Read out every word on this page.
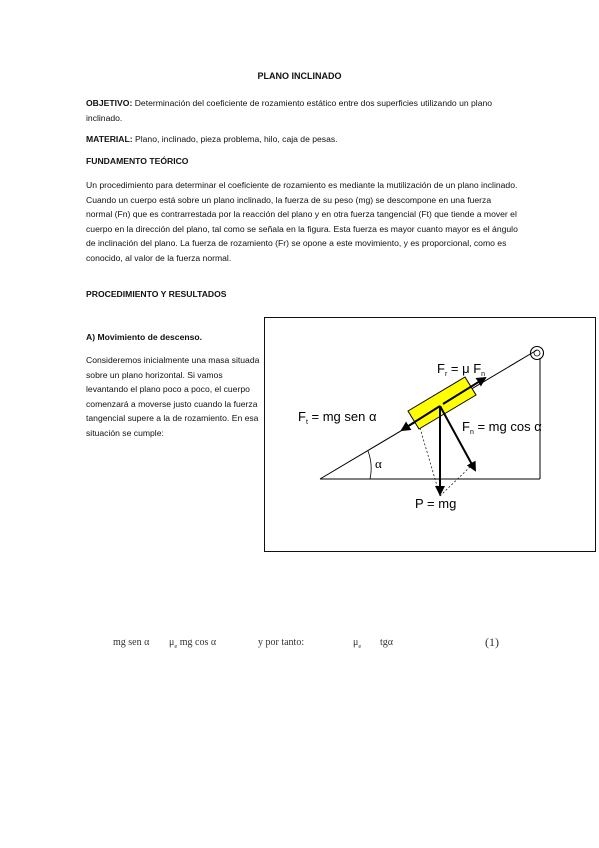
PLANO INCLINADO
OBJETIVO: Determinación del coeficiente de rozamiento estático entre dos superficies utilizando un plano inclinado.
MATERIAL: Plano, inclinado, pieza problema, hilo, caja de pesas.
FUNDAMENTO TEÓRICO
Un procedimiento para determinar el coeficiente de rozamiento es mediante la mutilización de un plano inclinado. Cuando un cuerpo está sobre un plano inclinado, la fuerza de su peso (mg) se descompone en una fuerza normal (Fn) que es contrarrestada por la reacción del plano y en otra fuerza tangencial (Ft) que tiende a mover el cuerpo en la dirección del plano, tal como se señala en la figura. Esta fuerza es mayor cuanto mayor es el ángulo de inclinación del plano. La fuerza de rozamiento (Fr) se opone a este movimiento, y es proporcional, como es conocido, al valor de la fuerza normal.
PROCEDIMIENTO Y RESULTADOS
A) Movimiento de descenso.
Consideremos inicialmente una masa situada sobre un plano horizontal. Si vamos levantando el plano poco a poco, el cuerpo comenzará a moverse justo cuando la fuerza tangencial supere a la de rozamiento. En esa situación se cumple:
$F_r = \mu$ $F_n$
$F_t$ = mg sen α
$F_n$ = mg cos α
P = mg
α
mg sen α $\mu_e$ mg cos α	y por tanto:	$\mu_e$ tgα	(1)
